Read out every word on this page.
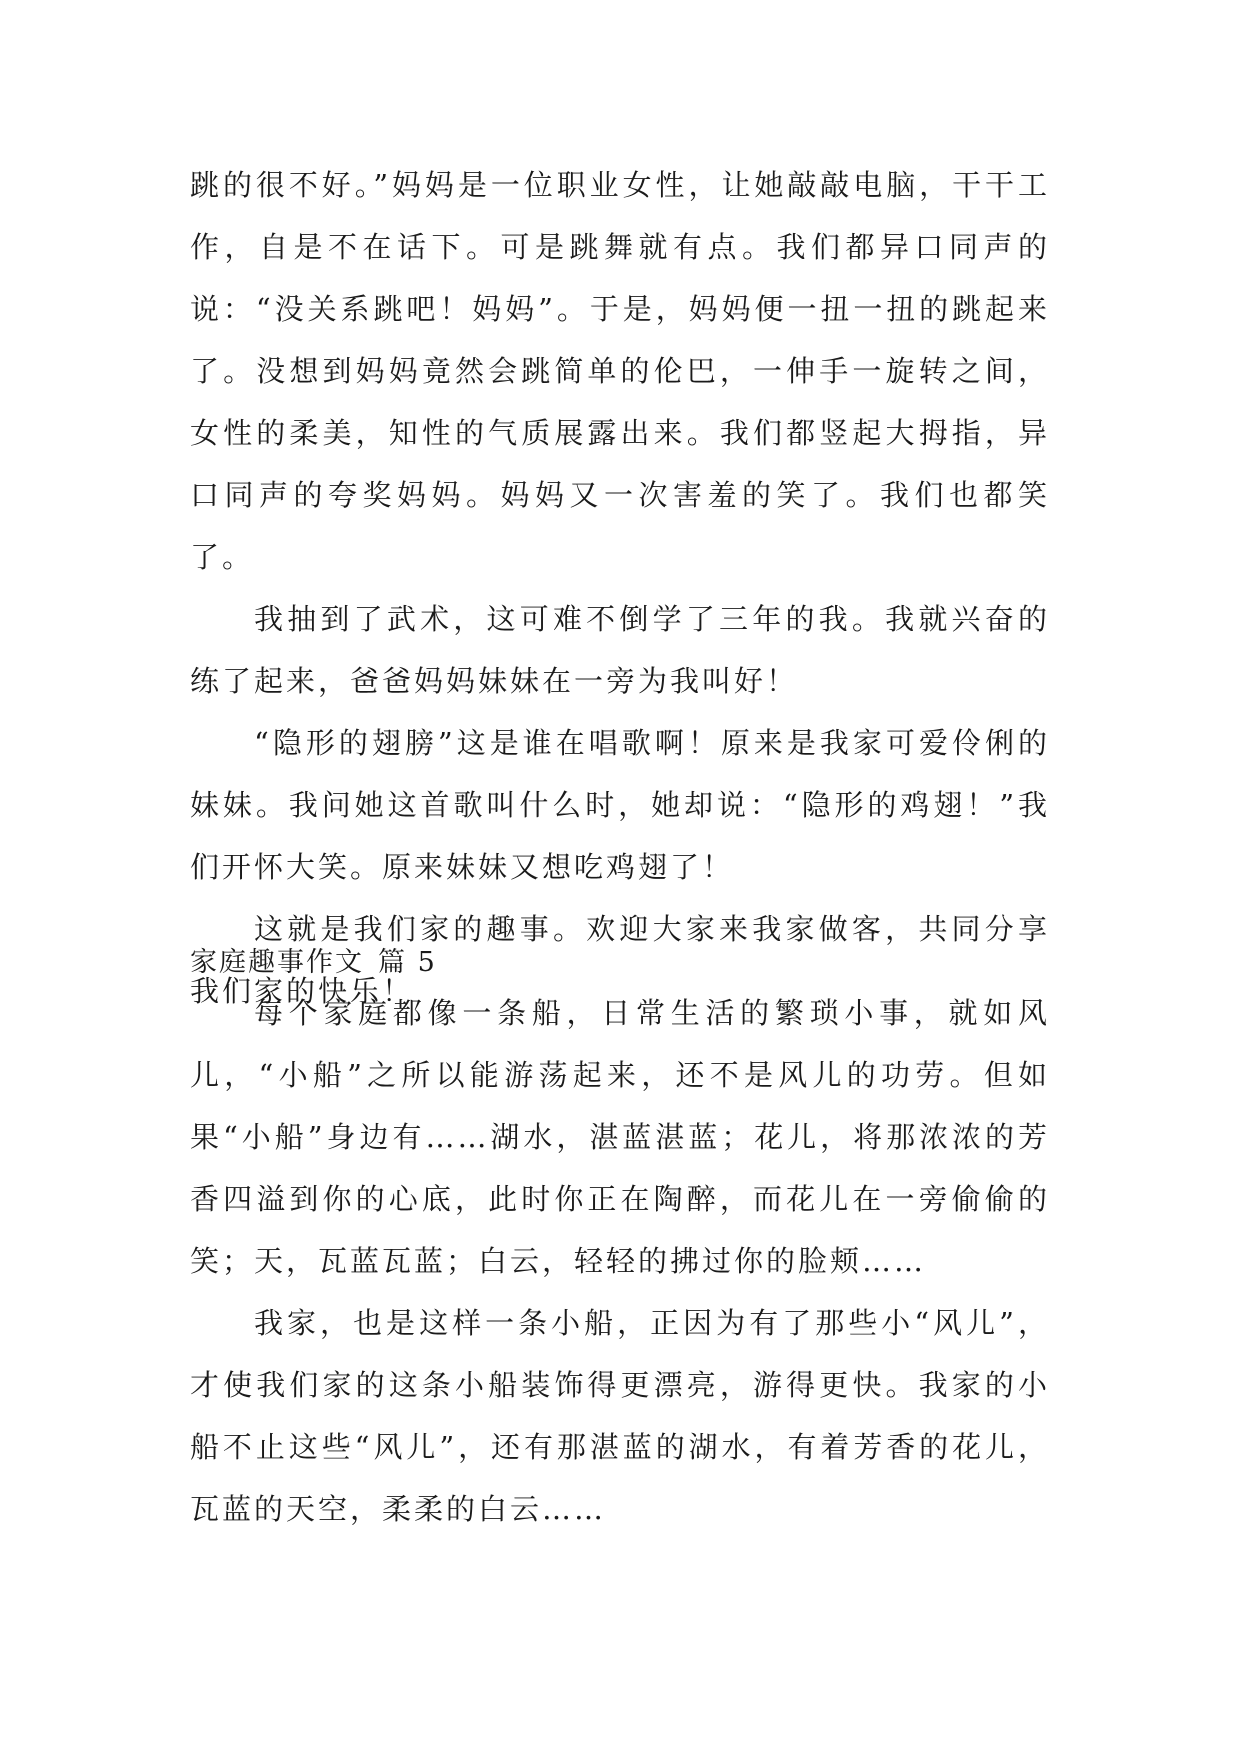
跳的很不好。”妈妈是一位职业女性，让她敲敲电脑，干干工作，自是不在话下。可是跳舞就有点。我们都异口同声的说：“没关系跳吧！妈妈”。于是，妈妈便一扭一扭的跳起来了。没想到妈妈竟然会跳简单的伦巴，一伸手一旋转之间，女性的柔美，知性的气质展露出来。我们都竖起大拇指，异口同声的夸奖妈妈。妈妈又一次害羞的笑了。我们也都笑了。

我抽到了武术，这可难不倒学了三年的我。我就兴奋的练了起来，爸爸妈妈妹妹在一旁为我叫好！

“隐形的翅膀”这是谁在唱歌啊！原来是我家可爱伶俐的妹妹。我问她这首歌叫什么时，她却说：“隐形的鸡翅！”我们开怀大笑。原来妹妹又想吃鸡翅了！

这就是我们家的趣事。欢迎大家来我家做客，共同分享我们家的快乐！

家庭趣事作文 篇 5

每个家庭都像一条船，日常生活的繁琐小事，就如风儿，“小船”之所以能游荡起来，还不是风儿的功劳。但如果“小船”身边有……湖水，湛蓝湛蓝；花儿，将那浓浓的芳香四溢到你的心底，此时你正在陶醉，而花儿在一旁偷偷的笑；天，瓦蓝瓦蓝；白云，轻轻的拂过你的脸颊……

我家，也是这样一条小船，正因为有了那些小“风儿”，才使我们家的这条小船装饰得更漂亮，游得更快。我家的小船不止这些“风儿”，还有那湛蓝的湖水，有着芳香的花儿，瓦蓝的天空，柔柔的白云……
